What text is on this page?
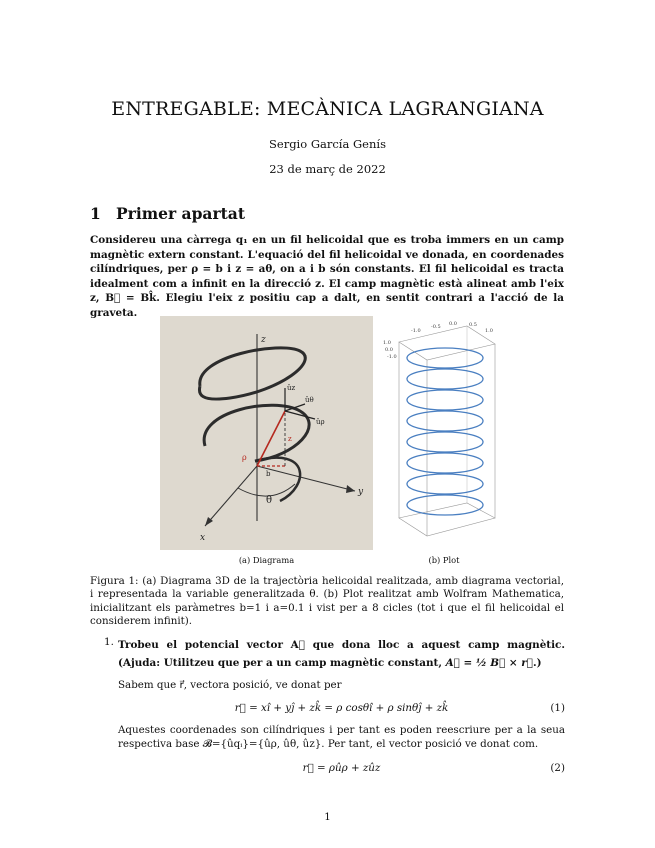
ENTREGABLE: MECÀNICA LAGRANGIANA
Sergio García Genís
23 de març de 2022
1 Primer apartat
Considereu una càrrega q₁ en un fil helicoidal que es troba immers en un camp magnètic extern constant. L'equació del fil helicoidal ve donada, en coordenades cilíndriques, per ρ = b i z = aθ, on a i b són constants. El fil helicoidal es tracta idealment com a infinit en la direcció z. El camp magnètic està alineat amb l'eix z, B⃗ = Bk̂. Elegiu l'eix z positiu cap a dalt, en sentit contrari a l'acció de la graveta.
z
θ
ρ
x
y
ûz
ûθ
ûρ
b
z
-1.0
-0.5 0.0 0.5
1.0
1.0
0.0
-1.0
(a) Diagrama	(b) Plot
Figura 1: (a) Diagrama 3D de la trajectòria helicoidal realitzada, amb diagrama vectorial, i representada la variable generalitzada θ. (b) Plot realitzat amb Wolfram Mathematica, inicialitzant els paràmetres b=1 i a=0.1 i vist per a 8 cicles (tot i que el fil helicoidal el considerem infinit).
1. Trobeu el potencial vector A⃗ que dona lloc a aquest camp magnètic. (Ajuda: Utilitzeu que per a un camp magnètic constant, A⃗ = ½ B⃗ × r⃗.)
Sabem que r⃗, vectora posició, ve donat per
r⃗ = xî + yĵ + zk̂ = ρ cosθî + ρ sinθĵ + zk̂	(1)
Aquestes coordenades son cilíndriques i per tant es poden reescriure per a la seua respectiva base 𝓑={ûqᵢ}={ûρ, ûθ, ûz}. Per tant, el vector posició ve donat com.
r⃗ = ρûρ + zûz	(2)
1
